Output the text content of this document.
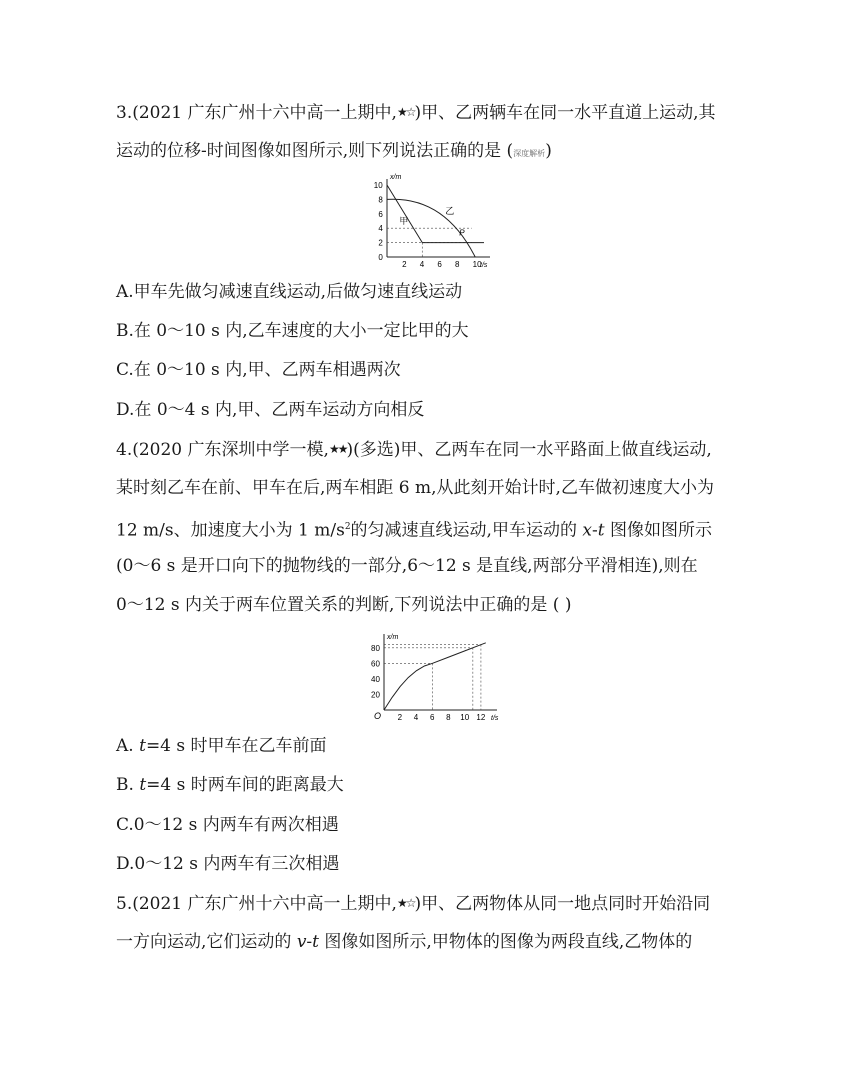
3.(2021 广东广州十六中高一上期中,★☆)甲、乙两辆车在同一水平直道上运动,其
运动的位移-时间图像如图所示,则下列说法正确的是 (深度解析)
x/m
t/s
2 4 6 8 10
0
2
4
6
8
10
甲
乙
P
A.甲车先做匀减速直线运动,后做匀速直线运动
B.在 0～10 s 内,乙车速度的大小一定比甲的大
C.在 0～10 s 内,甲、乙两车相遇两次
D.在 0～4 s 内,甲、乙两车运动方向相反
4.(2020 广东深圳中学一模,★★)(多选)甲、乙两车在同一水平路面上做直线运动,
某时刻乙车在前、甲车在后,两车相距 6 m,从此刻开始计时,乙车做初速度大小为
12 m/s、加速度大小为 1 $m/s^2$的匀减速直线运动,甲车运动的 x-t 图像如图所示
(0～6 s 是开口向下的抛物线的一部分,6～12 s 是直线,两部分平滑相连),则在
0～12 s 内关于两车位置关系的判断,下列说法中正确的是 ( )
x/m
t/s
O 2 4 6 8 10 12
20
40
60
80
A. t=4 s 时甲车在乙车前面
B. t=4 s 时两车间的距离最大
C.0～12 s 内两车有两次相遇
D.0～12 s 内两车有三次相遇
5.(2021 广东广州十六中高一上期中,★☆)甲、乙两物体从同一地点同时开始沿同
一方向运动,它们运动的 v-t 图像如图所示,甲物体的图像为两段直线,乙物体的
